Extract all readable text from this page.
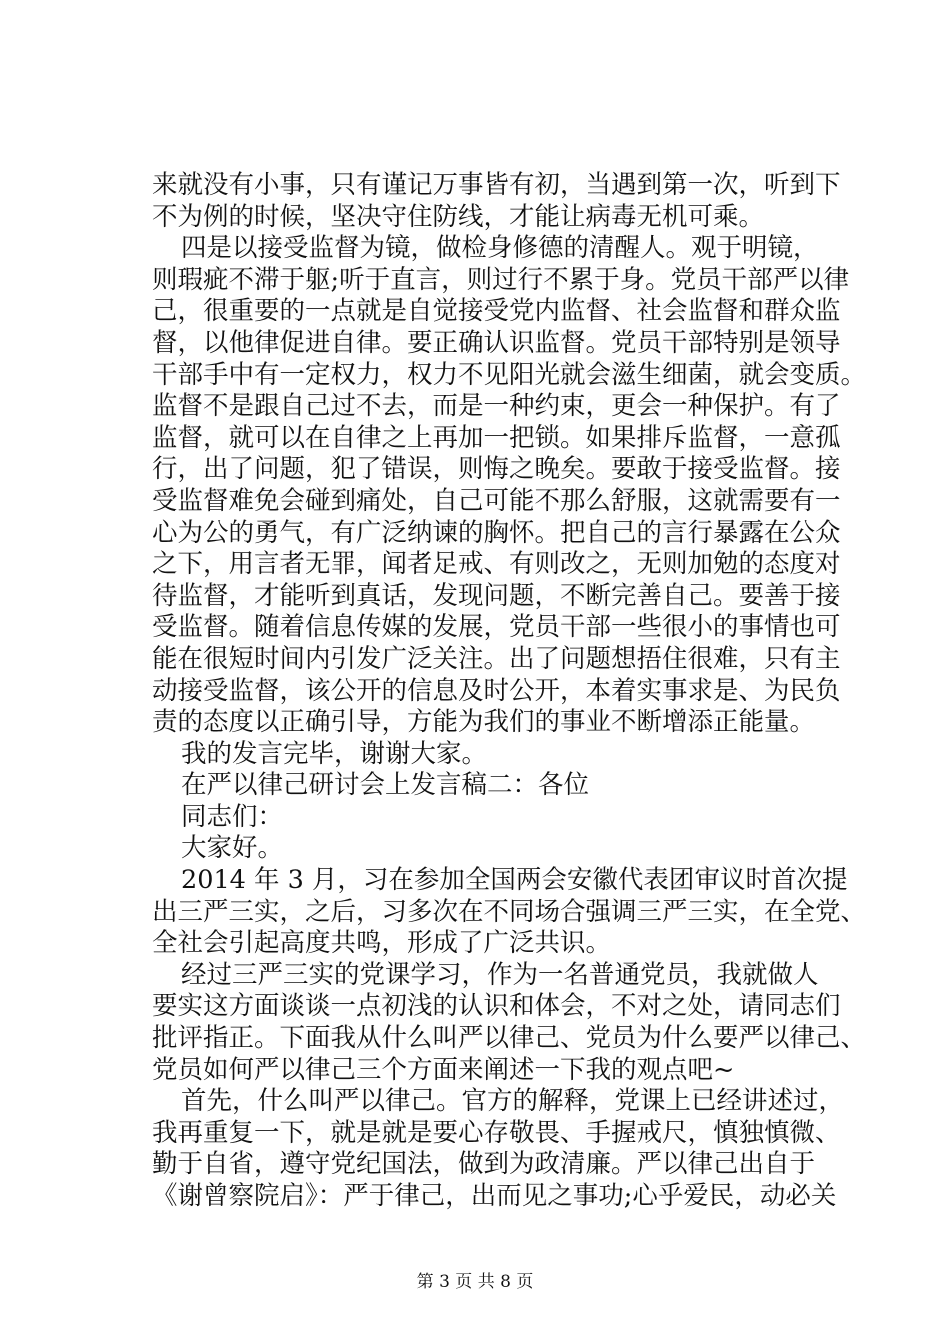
来就没有小事，只有谨记万事皆有初，当遇到第一次，听到下
不为例的时候，坚决守住防线，才能让病毒无机可乘。
四是以接受监督为镜，做检身修德的清醒人。观于明镜，
则瑕疵不滞于躯;听于直言，则过行不累于身。党员干部严以律
己，很重要的一点就是自觉接受党内监督、社会监督和群众监
督，以他律促进自律。要正确认识监督。党员干部特别是领导
干部手中有一定权力，权力不见阳光就会滋生细菌，就会变质。
监督不是跟自己过不去，而是一种约束，更会一种保护。有了
监督，就可以在自律之上再加一把锁。如果排斥监督，一意孤
行，出了问题，犯了错误，则悔之晚矣。要敢于接受监督。接
受监督难免会碰到痛处，自己可能不那么舒服，这就需要有一
心为公的勇气，有广泛纳谏的胸怀。把自己的言行暴露在公众
之下，用言者无罪，闻者足戒、有则改之，无则加勉的态度对
待监督，才能听到真话，发现问题，不断完善自己。要善于接
受监督。随着信息传媒的发展，党员干部一些很小的事情也可
能在很短时间内引发广泛关注。出了问题想捂住很难，只有主
动接受监督，该公开的信息及时公开，本着实事求是、为民负
责的态度以正确引导，方能为我们的事业不断增添正能量。
我的发言完毕，谢谢大家。
在严以律己研讨会上发言稿二：各位
同志们：
大家好。
2014 年 3 月，习在参加全国两会安徽代表团审议时首次提
出三严三实，之后，习多次在不同场合强调三严三实，在全党、
全社会引起高度共鸣，形成了广泛共识。
经过三严三实的党课学习，作为一名普通党员，我就做人
要实这方面谈谈一点初浅的认识和体会，不对之处，请同志们
批评指正。下面我从什么叫严以律己、党员为什么要严以律己、
党员如何严以律己三个方面来阐述一下我的观点吧~
首先，什么叫严以律己。官方的解释，党课上已经讲述过，
我再重复一下，就是就是要心存敬畏、手握戒尺，慎独慎微、
勤于自省，遵守党纪国法，做到为政清廉。严以律己出自于
《谢曾察院启》：严于律己，出而见之事功;心乎爱民，动必关
第 3 页 共 8 页
